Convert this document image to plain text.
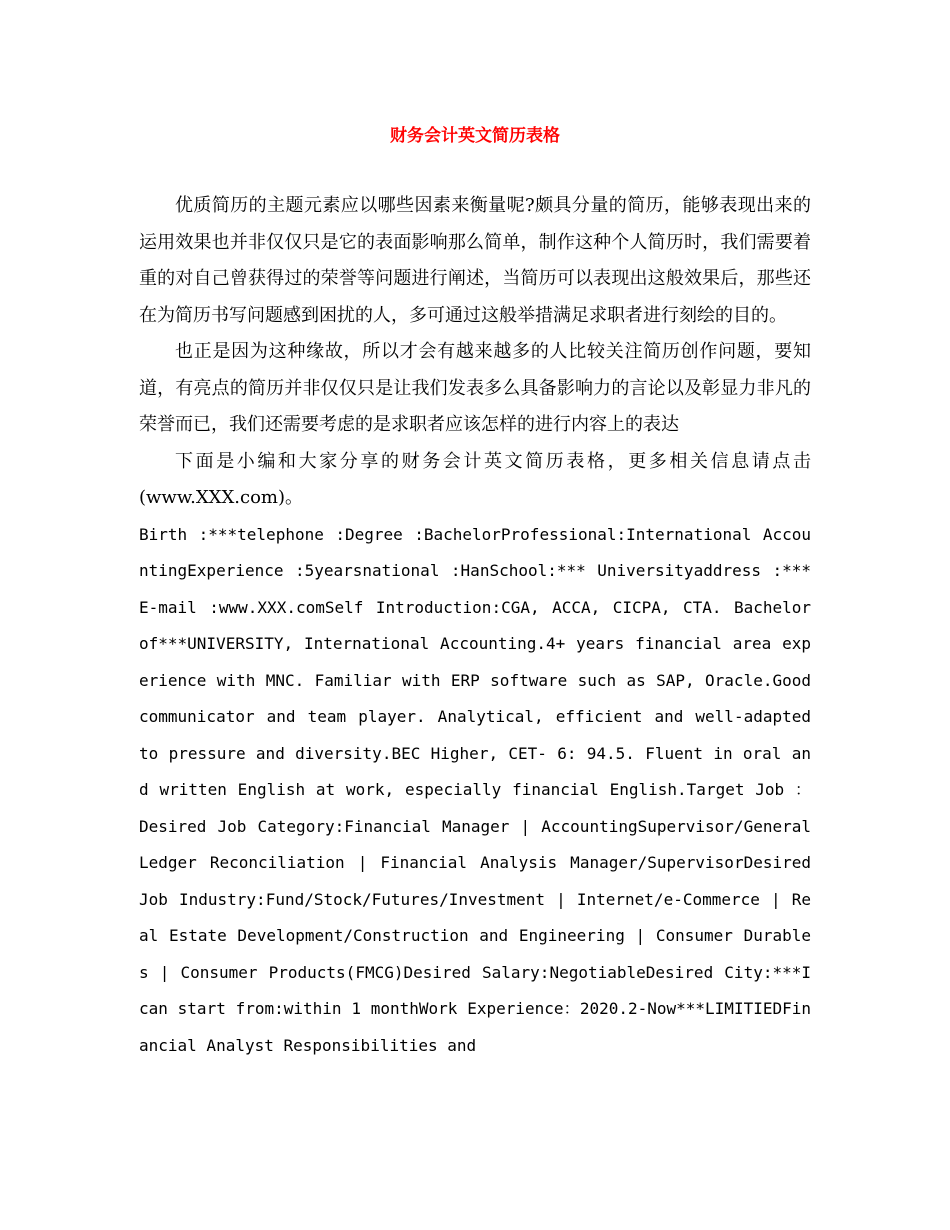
财务会计英文简历表格

优质简历的主题元素应以哪些因素来衡量呢?颇具分量的简历，能够表现出来的运用效果也并非仅仅只是它的表面影响那么简单，制作这种个人简历时，我们需要着重的对自己曾获得过的荣誉等问题进行阐述，当简历可以表现出这般效果后，那些还在为简历书写问题感到困扰的人，多可通过这般举措满足求职者进行刻绘的目的。

也正是因为这种缘故，所以才会有越来越多的人比较关注简历创作问题，要知道，有亮点的简历并非仅仅只是让我们发表多么具备影响力的言论以及彰显力非凡的荣誉而已，我们还需要考虑的是求职者应该怎样的进行内容上的表达

下面是小编和大家分享的财务会计英文简历表格，更多相关信息请点击(www.XXX.com)。

Birth :***telephone :Degree :BachelorProfessional:International AccountingExperience :5yearsnational :HanSchool:*** Universityaddress :***E-mail :www.XXX.comSelf Introduction:CGA, ACCA, CICPA, CTA. Bachelor of***UNIVERSITY, International Accounting.4+ years financial area experience with MNC. Familiar with ERP software such as SAP, Oracle.Good communicator and team player. Analytical, efficient and well-adapted to pressure and diversity.BEC Higher, CET- 6: 94.5. Fluent in oral and written English at work, especially financial English.Target Job ： Desired Job Category:Financial Manager | AccountingSupervisor/General Ledger Reconciliation | Financial Analysis Manager/SupervisorDesired Job Industry:Fund/Stock/Futures/Investment | Internet/e-Commerce | Real Estate Development/Construction and Engineering | Consumer Durables | Consumer Products(FMCG)Desired Salary:NegotiableDesired City:***I can start from:within 1 monthWork Experience：2020.2-Now***LIMITIEDFinancial Analyst Responsibilities and
